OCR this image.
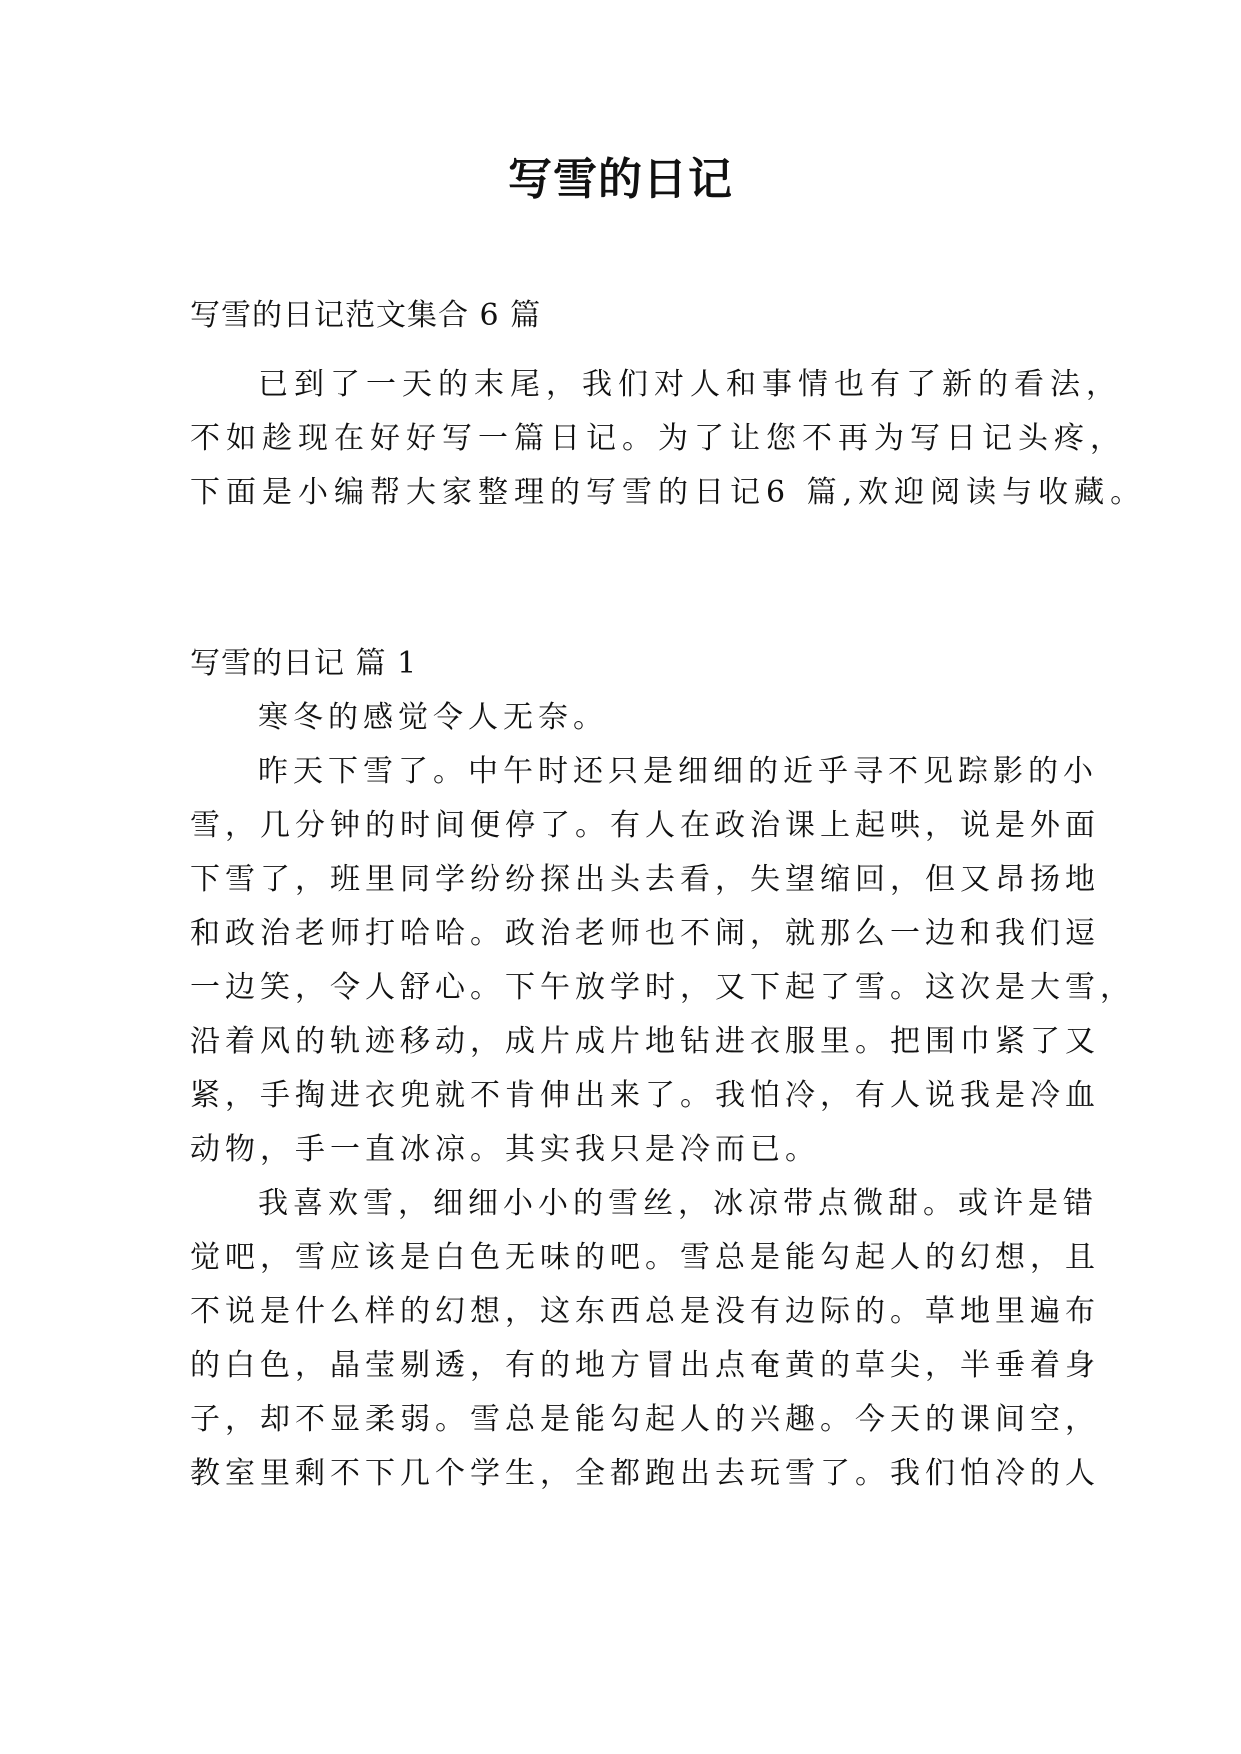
写雪的日记
写雪的日记范文集合 6 篇
已到了一天的末尾，我们对人和事情也有了新的看法，
不如趁现在好好写一篇日记。为了让您不再为写日记头疼，
下面是小编帮大家整理的写雪的日记6 篇,欢迎阅读与收藏。
写雪的日记 篇 1
寒冬的感觉令人无奈。
昨天下雪了。中午时还只是细细的近乎寻不见踪影的小
雪，几分钟的时间便停了。有人在政治课上起哄，说是外面
下雪了，班里同学纷纷探出头去看，失望缩回，但又昂扬地
和政治老师打哈哈。政治老师也不闹，就那么一边和我们逗
一边笑，令人舒心。下午放学时，又下起了雪。这次是大雪，
沿着风的轨迹移动，成片成片地钻进衣服里。把围巾紧了又
紧，手掏进衣兜就不肯伸出来了。我怕冷，有人说我是冷血
动物，手一直冰凉。其实我只是冷而已。
我喜欢雪，细细小小的雪丝，冰凉带点微甜。或许是错
觉吧，雪应该是白色无味的吧。雪总是能勾起人的幻想，且
不说是什么样的幻想，这东西总是没有边际的。草地里遍布
的白色，晶莹剔透，有的地方冒出点奄黄的草尖，半垂着身
子，却不显柔弱。雪总是能勾起人的兴趣。今天的课间空，
教室里剩不下几个学生，全都跑出去玩雪了。我们怕冷的人
